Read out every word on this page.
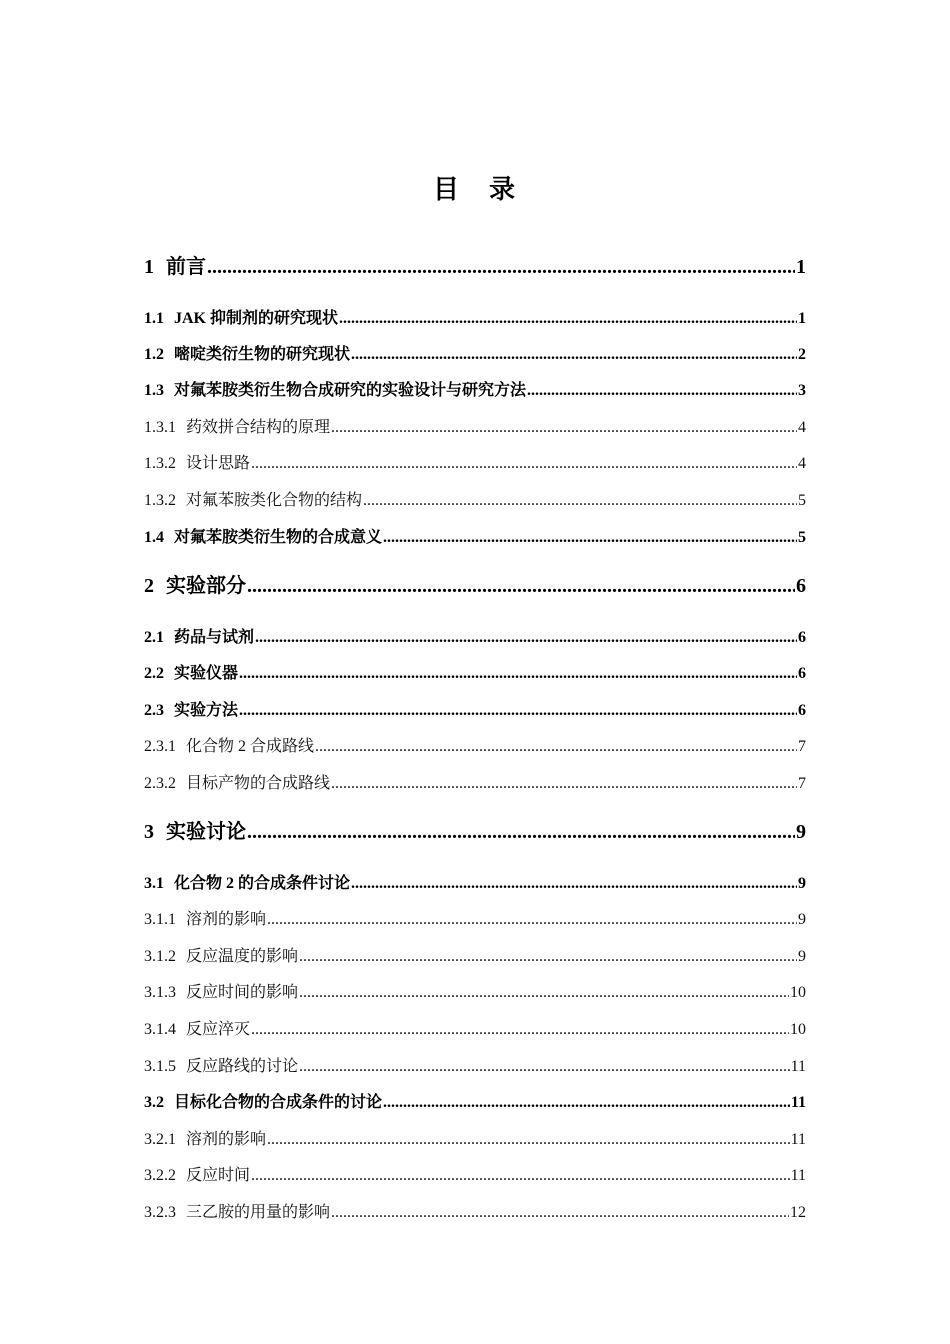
目　录
1 前言 .....	1
1.1 JAK 抑制剂的研究现状 .....	1
1.2 嘧啶类衍生物的研究现状 .....	2
1.3 对氟苯胺类衍生物合成研究的实验设计与研究方法 .....	3
1.3.1 药效拼合结构的原理 .....	4
1.3.2 设计思路 .....	4
1.3.2 对氟苯胺类化合物的结构 .....	5
1.4 对氟苯胺类衍生物的合成意义 .....	5
2 实验部分 .....	6
2.1 药品与试剂 .....	6
2.2 实验仪器 .....	6
2.3 实验方法 .....	6
2.3.1 化合物 2 合成路线 .....	7
2.3.2 目标产物的合成路线 .....	7
3 实验讨论 .....	9
3.1 化合物 2 的合成条件讨论 .....	9
3.1.1 溶剂的影响 .....	9
3.1.2 反应温度的影响 .....	9
3.1.3 反应时间的影响 .....	10
3.1.4 反应淬灭 .....	10
3.1.5 反应路线的讨论 .....	11
3.2 目标化合物的合成条件的讨论 .....	11
3.2.1 溶剂的影响 .....	11
3.2.2 反应时间 .....	11
3.2.3 三乙胺的用量的影响 .....	12
